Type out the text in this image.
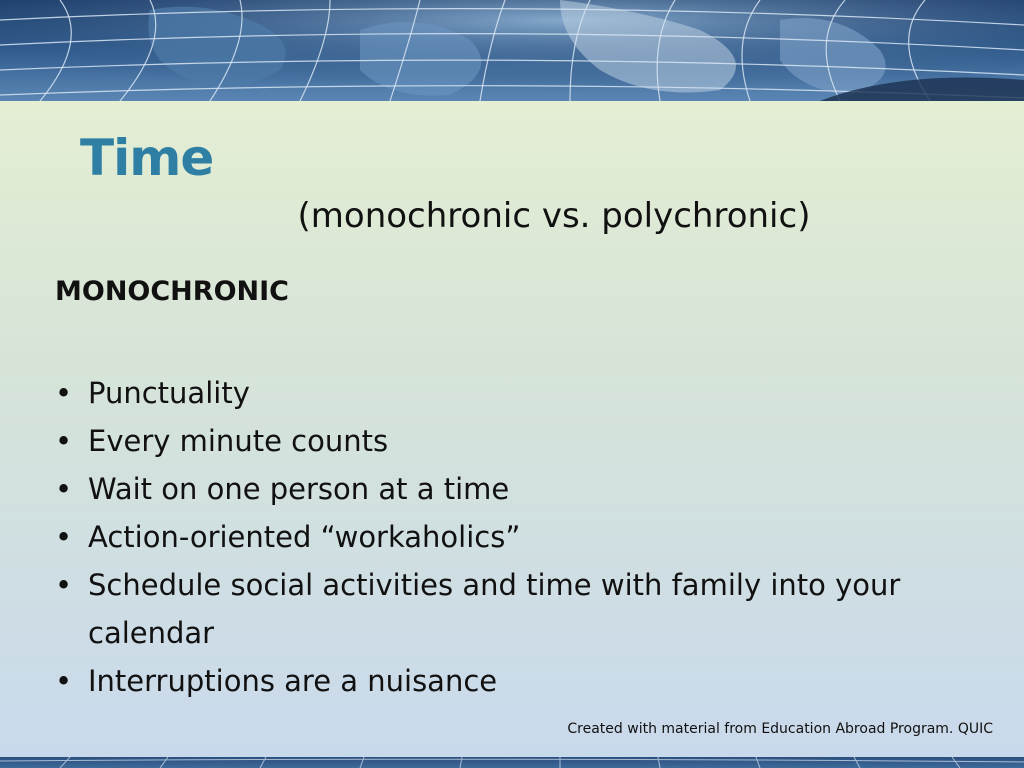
Time
(monochronic vs. polychronic)
MONOCHRONIC
• Punctuality
• Every minute counts
• Wait on one person at a time
• Action-oriented “workaholics”
• Schedule social activities and time with family into your calendar
• Interruptions are a nuisance
Created with material from Education Abroad Program. QUIC
